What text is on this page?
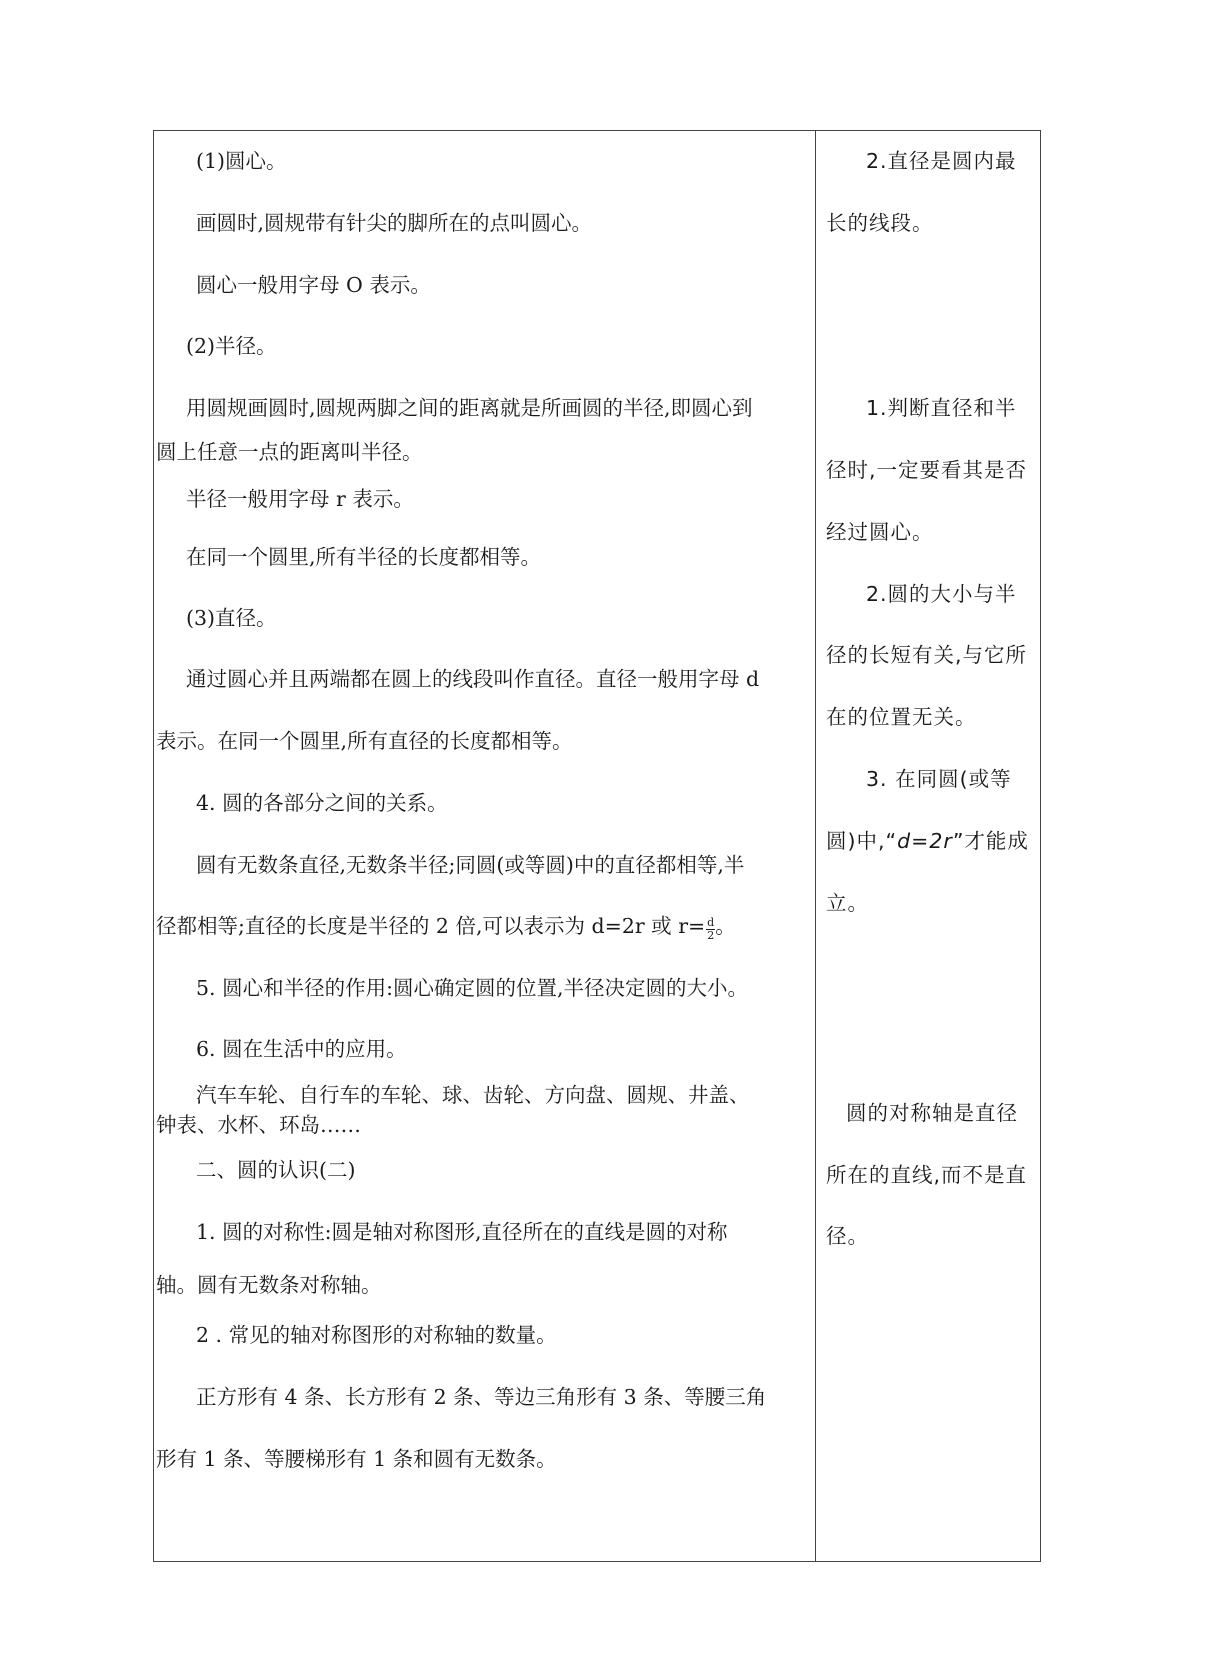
(1)圆心。
画圆时,圆规带有针尖的脚所在的点叫圆心。
圆心一般用字母 O 表示。
(2)半径。
用圆规画圆时,圆规两脚之间的距离就是所画圆的半径,即圆心到
圆上任意一点的距离叫半径。
半径一般用字母 r 表示。
在同一个圆里,所有半径的长度都相等。
(3)直径。
通过圆心并且两端都在圆上的线段叫作直径。直径一般用字母 d
表示。在同一个圆里,所有直径的长度都相等。
4. 圆的各部分之间的关系。
圆有无数条直径,无数条半径;同圆(或等圆)中的直径都相等,半
径都相等;直径的长度是半径的 2 倍,可以表示为 d=2r 或 $r= \frac{d}{2}$ 。
5. 圆心和半径的作用:圆心确定圆的位置,半径决定圆的大小。
6. 圆在生活中的应用。
汽车车轮、自行车的车轮、球、齿轮、方向盘、圆规、井盖、
钟表、水杯、环岛……
二、圆的认识(二)
1. 圆的对称性:圆是轴对称图形,直径所在的直线是圆的对称
轴。圆有无数条对称轴。
2 . 常见的轴对称图形的对称轴的数量。
正方形有 4 条、长方形有 2 条、等边三角形有 3 条、等腰三角
形有 1 条、等腰梯形有 1 条和圆有无数条。
2.直径是圆内最
长的线段。
1.判断直径和半
径时,一定要看其是否
经过圆心。
2.圆的大小与半
径的长短有关,与它所
在的位置无关。
3. 在同圆(或等
圆)中,“d=2r”才能成
立。
圆的对称轴是直径
所在的直线,而不是直
径。
